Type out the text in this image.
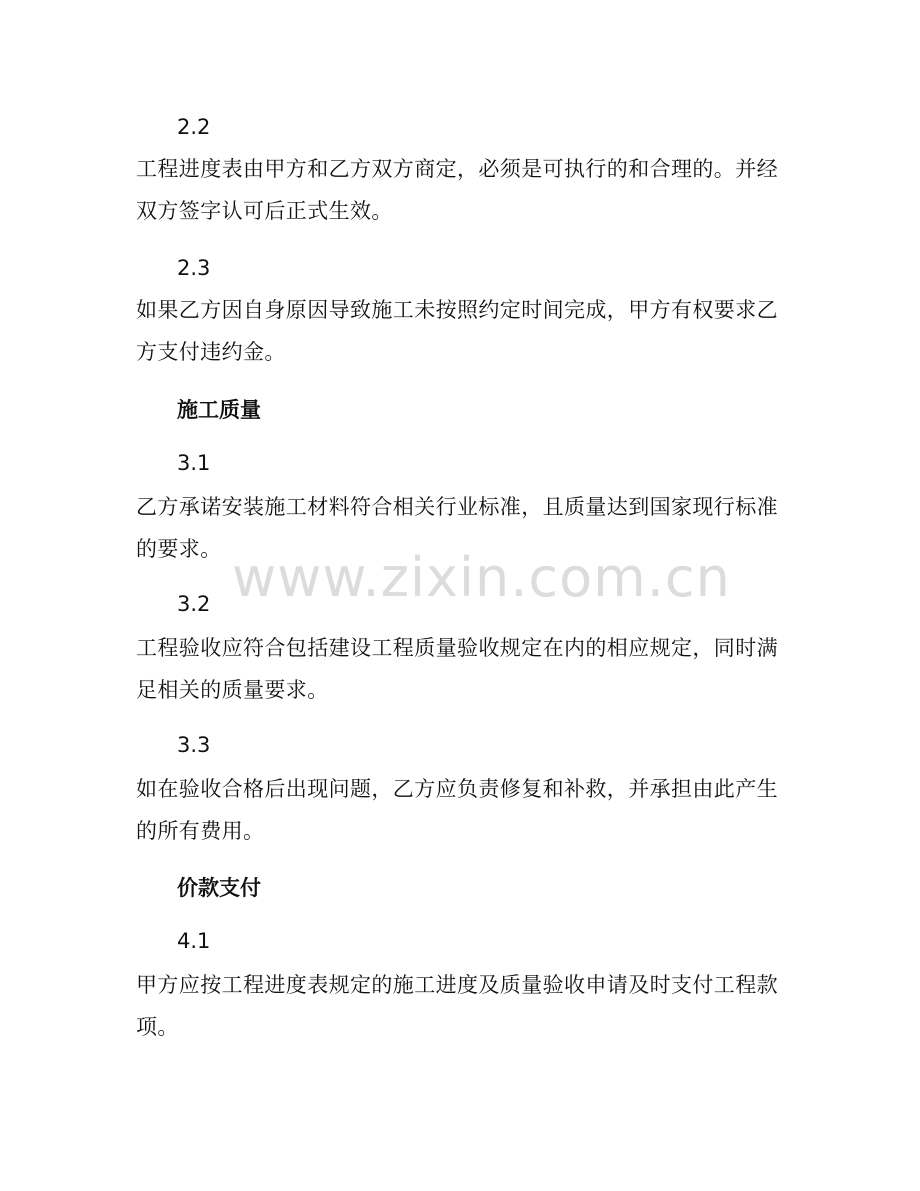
2.2
工程进度表由甲方和乙方双方商定，必须是可执行的和合理的。并经
双方签字认可后正式生效。
2.3
如果乙方因自身原因导致施工未按照约定时间完成，甲方有权要求乙
方支付违约金。
施工质量
3.1
乙方承诺安装施工材料符合相关行业标准，且质量达到国家现行标准
的要求。
3.2
工程验收应符合包括建设工程质量验收规定在内的相应规定，同时满
足相关的质量要求。
3.3
如在验收合格后出现问题，乙方应负责修复和补救，并承担由此产生
的所有费用。
价款支付
4.1
甲方应按工程进度表规定的施工进度及质量验收申请及时支付工程款
项。
www.zixin.com.cn
